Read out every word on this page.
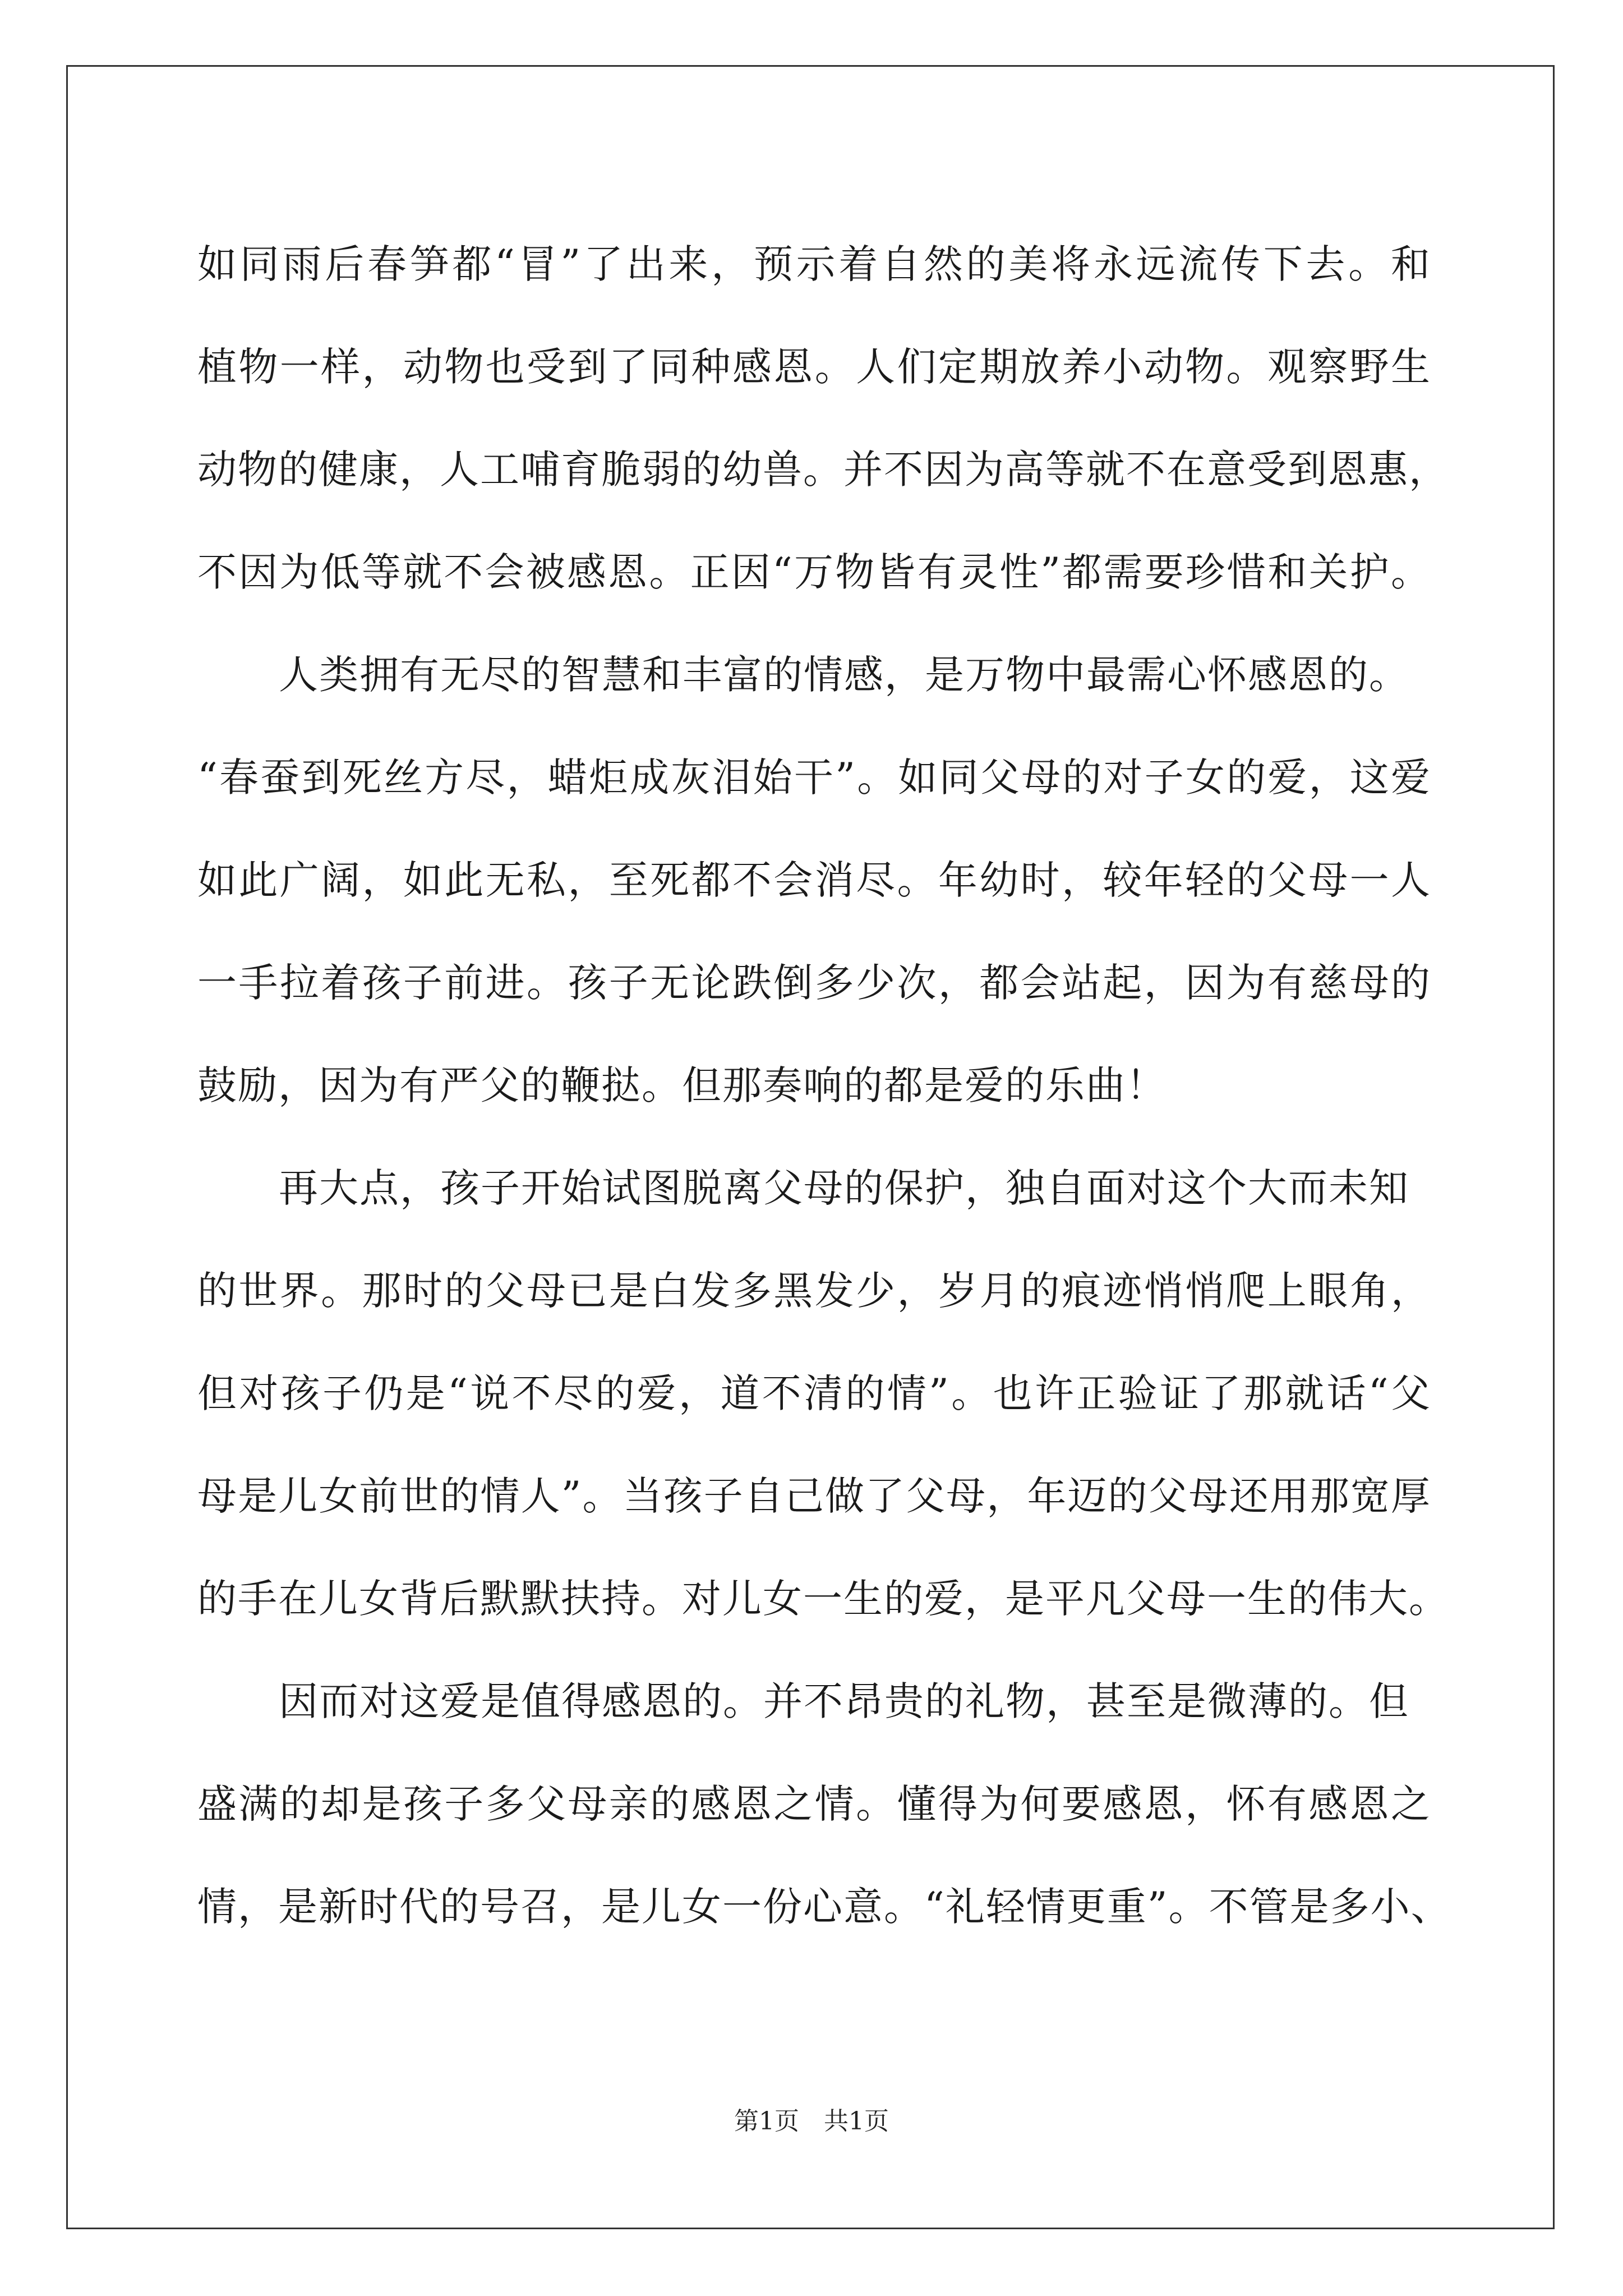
如同雨后春笋都“冒”了出来，预示着自然的美将永远流传下去。和
植物一样，动物也受到了同种感恩。人们定期放养小动物。观察野生
动物的健康，人工哺育脆弱的幼兽。并不因为高等就不在意受到恩惠，
不因为低等就不会被感恩。正因“万物皆有灵性”都需要珍惜和关护。
人类拥有无尽的智慧和丰富的情感，是万物中最需心怀感恩的。
“春蚕到死丝方尽，蜡炬成灰泪始干”。如同父母的对子女的爱，这爱
如此广阔，如此无私，至死都不会消尽。年幼时，较年轻的父母一人
一手拉着孩子前进。孩子无论跌倒多少次，都会站起，因为有慈母的
鼓励，因为有严父的鞭挞。但那奏响的都是爱的乐曲！
再大点，孩子开始试图脱离父母的保护，独自面对这个大而未知
的世界。那时的父母已是白发多黑发少，岁月的痕迹悄悄爬上眼角，
但对孩子仍是“说不尽的爱，道不清的情”。也许正验证了那就话“父
母是儿女前世的情人”。当孩子自己做了父母，年迈的父母还用那宽厚
的手在儿女背后默默扶持。对儿女一生的爱，是平凡父母一生的伟大。
因而对这爱是值得感恩的。并不昂贵的礼物，甚至是微薄的。但
盛满的却是孩子多父母亲的感恩之情。懂得为何要感恩，怀有感恩之
情，是新时代的号召，是儿女一份心意。“礼轻情更重”。不管是多小、
第1页　共1页
